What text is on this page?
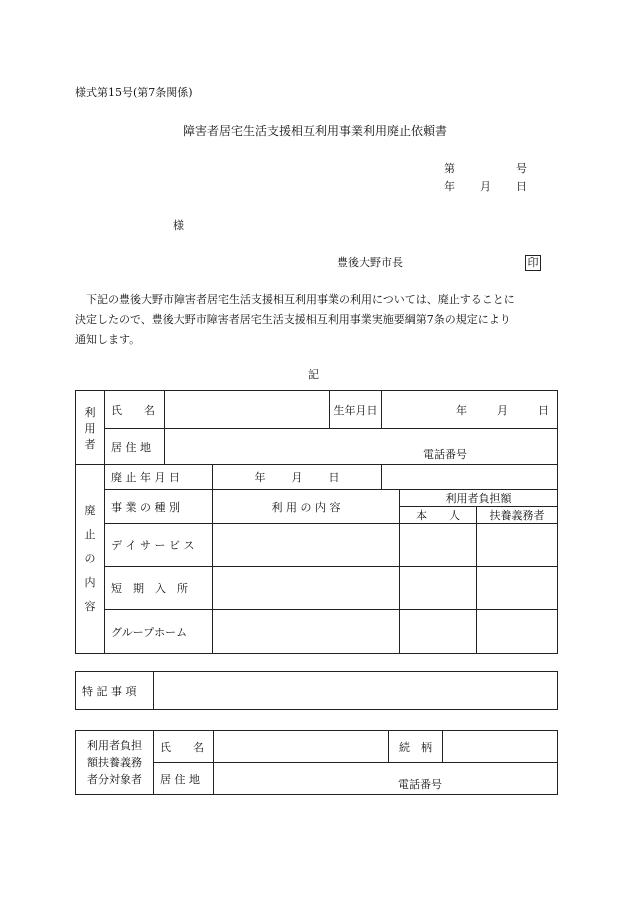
様式第15号(第7条関係)
障害者居宅生活支援相互利用事業利用廃止依頼書
第	号
年 月 日
様
豊後大野市長	印

下記の豊後大野市障害者居宅生活支援相互利用事業の利用については、廃止することに

決定したので、豊後大野市障害者居宅生活支援相互利用事業実施要綱第7条の規定により
通知します。
記
利
用
者	氏　　名			生年月日	年 月 日		
	居 住 地	電話番号					

廃
止
の
内
容	廃 止 年 月 日		年 月 日				
	事 業 の 種 別		利 用 の 内 容			利用者負担額	
						本　　人	扶養義務者
	デ イ サ ー ビ ス						
	短　期　入　所						
	グループホーム						
特 記 事 項	
利用者負担
額扶養義務
者分対象者	氏　　名		続　柄	
	居 住 地	電話番号		
